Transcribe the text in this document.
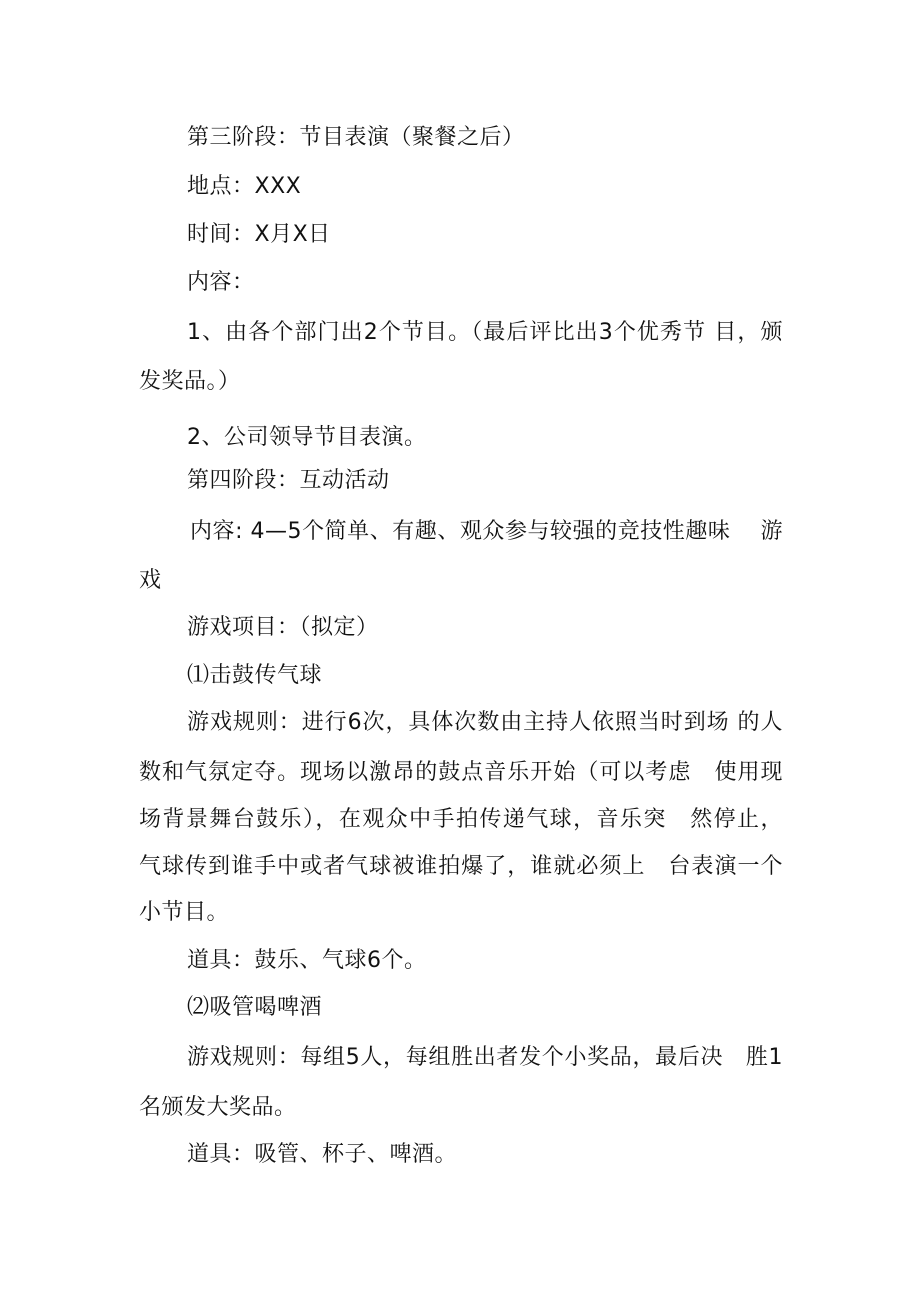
第三阶段：节目表演（聚餐之后）
地点：XXX
时间：X月X日
内容：
1、由各个部门出2个节目。（最后评比出3个优秀节 目，颁
发奖品。）
2、公司领导节目表演。
第四阶段：互动活动
内容: 4—5个简单、有趣、观众参与较强的竞技性趣味　 游
戏
游戏项目：（拟定）
⑴击鼓传气球
游戏规则：进行6次，具体次数由主持人依照当时到场 的人
数和气氛定夺。现场以激昂的鼓点音乐开始（可以考虑　使用现
场背景舞台鼓乐），在观众中手拍传递气球，音乐突　然停止，
气球传到谁手中或者气球被谁拍爆了，谁就必须上　台表演一个
小节目。
道具：鼓乐、气球6个。
⑵吸管喝啤酒
游戏规则：每组5人，每组胜出者发个小奖品，最后决　胜1
名颁发大奖品。
道具：吸管、杯子、啤酒。
